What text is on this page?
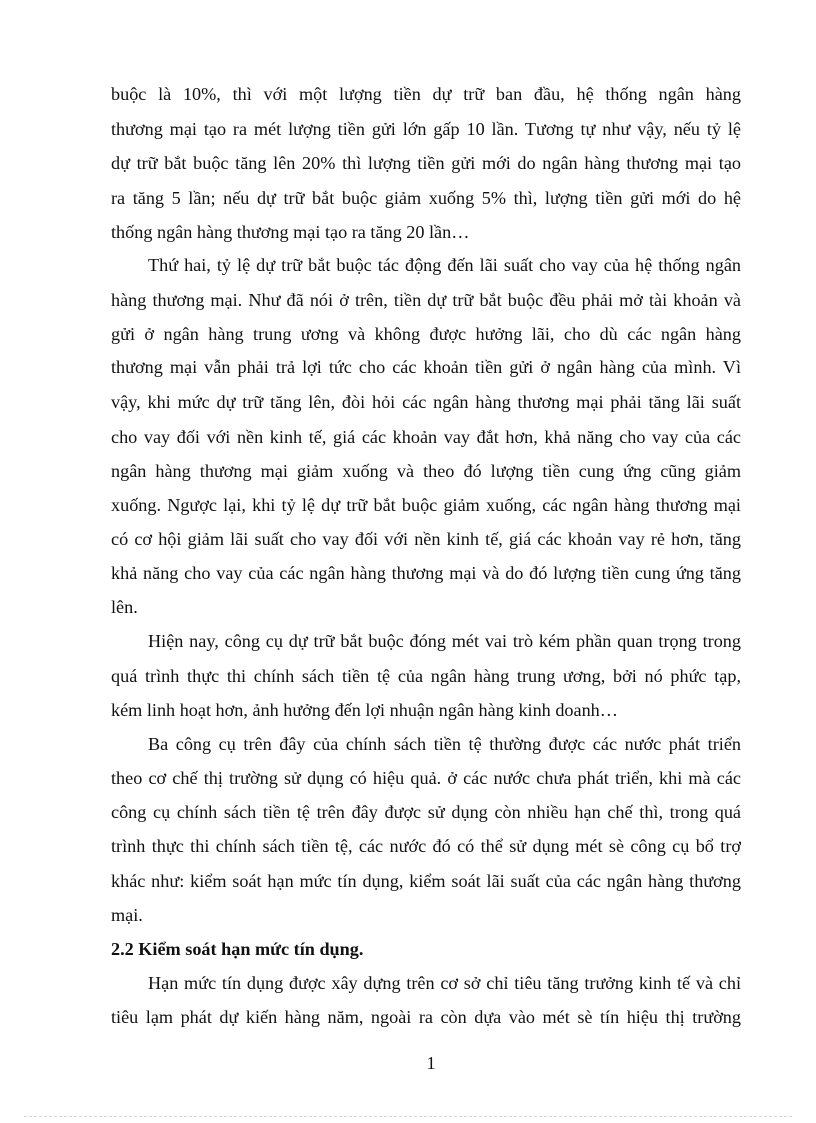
buộc là 10%, thì với một lượng tiền dự trữ ban đầu, hệ thống ngân hàng
thương mại tạo ra mét lượng tiền gửi lớn gấp 10 lần. Tương tự như vậy, nếu tỷ lệ
dự trữ bắt buộc tăng lên 20% thì lượng tiền gửi mới do ngân hàng thương mại tạo
ra tăng 5 lần; nếu dự trữ bắt buộc giảm xuống 5% thì, lượng tiền gửi mới do hệ
thống ngân hàng thương mại tạo ra tăng 20 lần…
Thứ hai, tỷ lệ dự trữ bắt buộc tác động đến lãi suất cho vay của hệ thống ngân
hàng thương mại. Như đã nói ở trên, tiền dự trữ bắt buộc đều phải mở tài khoản và
gửi ở ngân hàng trung ương và không được hưởng lãi, cho dù các ngân hàng
thương mại vẫn phải trả lợi tức cho các khoản tiền gửi ở ngân hàng của mình. Vì
vậy, khi mức dự trữ tăng lên, đòi hỏi các ngân hàng thương mại phải tăng lãi suất
cho vay đối với nền kinh tế, giá các khoản vay đắt hơn, khả năng cho vay của các
ngân hàng thương mại giảm xuống và theo đó lượng tiền cung ứng cũng giảm
xuống. Ngược lại, khi tỷ lệ dự trữ bắt buộc giảm xuống, các ngân hàng thương mại
có cơ hội giảm lãi suất cho vay đối với nền kinh tế, giá các khoản vay rẻ hơn, tăng
khả năng cho vay của các ngân hàng thương mại và do đó lượng tiền cung ứng tăng
lên.
Hiện nay, công cụ dự trữ bắt buộc đóng mét vai trò kém phần quan trọng trong
quá trình thực thi chính sách tiền tệ của ngân hàng trung ương, bởi nó phức tạp,
kém linh hoạt hơn, ảnh hưởng đến lợi nhuận ngân hàng kinh doanh…
Ba công cụ trên đây của chính sách tiền tệ thường được các nước phát triển
theo cơ chế thị trường sử dụng có hiệu quả. ở các nước chưa phát triển, khi mà các
công cụ chính sách tiền tệ trên đây được sử dụng còn nhiều hạn chế thì, trong quá
trình thực thi chính sách tiền tệ, các nước đó có thể sử dụng mét sè công cụ bổ trợ
khác như: kiểm soát hạn mức tín dụng, kiểm soát lãi suất của các ngân hàng thương
mại.
2.2 Kiểm soát hạn mức tín dụng.
Hạn mức tín dụng được xây dựng trên cơ sở chỉ tiêu tăng trưởng kinh tế và chỉ
tiêu lạm phát dự kiến hàng năm, ngoài ra còn dựa vào mét sè tín hiệu thị trường
1
